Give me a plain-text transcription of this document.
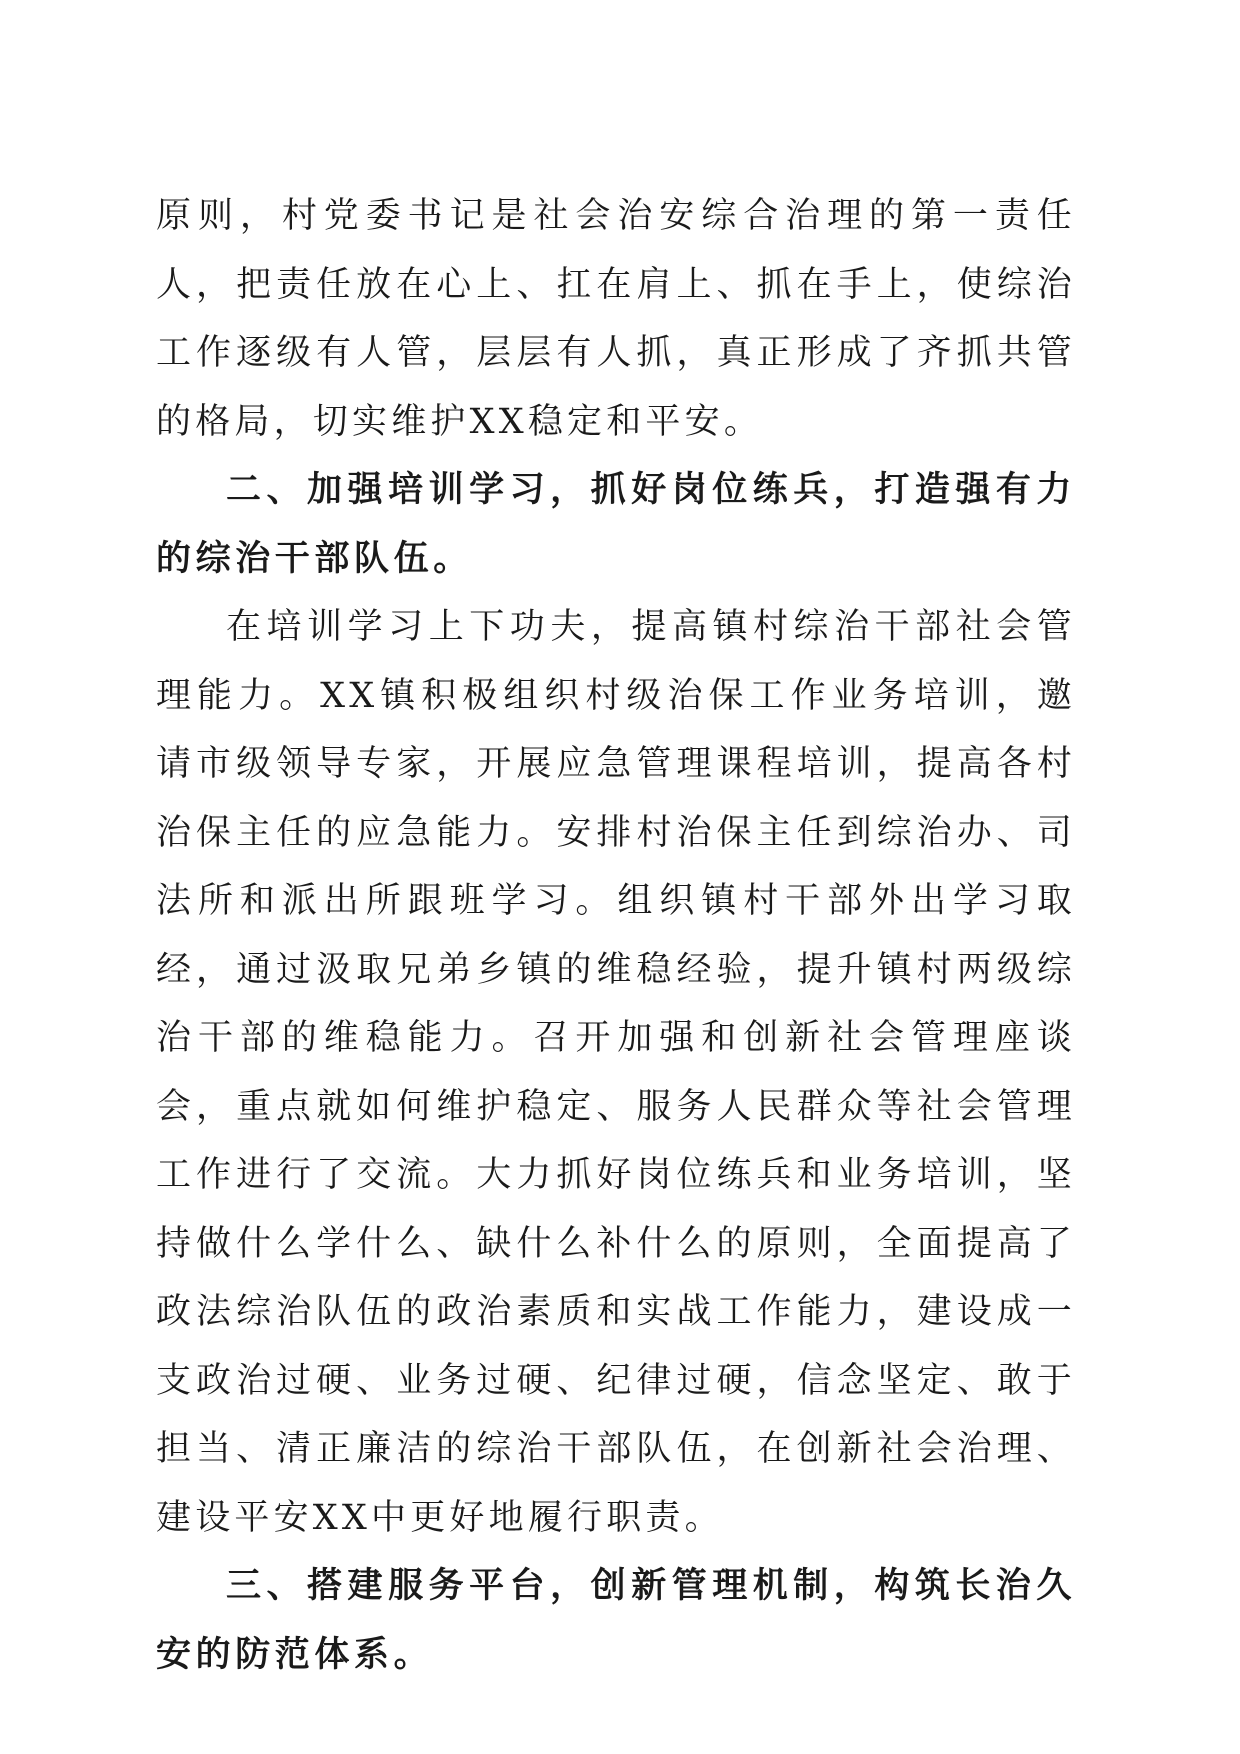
原则，村党委书记是社会治安综合治理的第一责任人，把责任放在心上、扛在肩上、抓在手上，使综治工作逐级有人管，层层有人抓，真正形成了齐抓共管的格局，切实维护XX稳定和平安。

二、加强培训学习，抓好岗位练兵，打造强有力的综治干部队伍。

在培训学习上下功夫，提高镇村综治干部社会管理能力。XX镇积极组织村级治保工作业务培训，邀请市级领导专家，开展应急管理课程培训，提高各村治保主任的应急能力。安排村治保主任到综治办、司法所和派出所跟班学习。组织镇村干部外出学习取经，通过汲取兄弟乡镇的维稳经验，提升镇村两级综治干部的维稳能力。召开加强和创新社会管理座谈会，重点就如何维护稳定、服务人民群众等社会管理工作进行了交流。大力抓好岗位练兵和业务培训，坚持做什么学什么、缺什么补什么的原则，全面提高了政法综治队伍的政治素质和实战工作能力，建设成一支政治过硬、业务过硬、纪律过硬，信念坚定、敢于担当、清正廉洁的综治干部队伍，在创新社会治理、建设平安XX中更好地履行职责。

三、搭建服务平台，创新管理机制，构筑长治久安的防范体系。
